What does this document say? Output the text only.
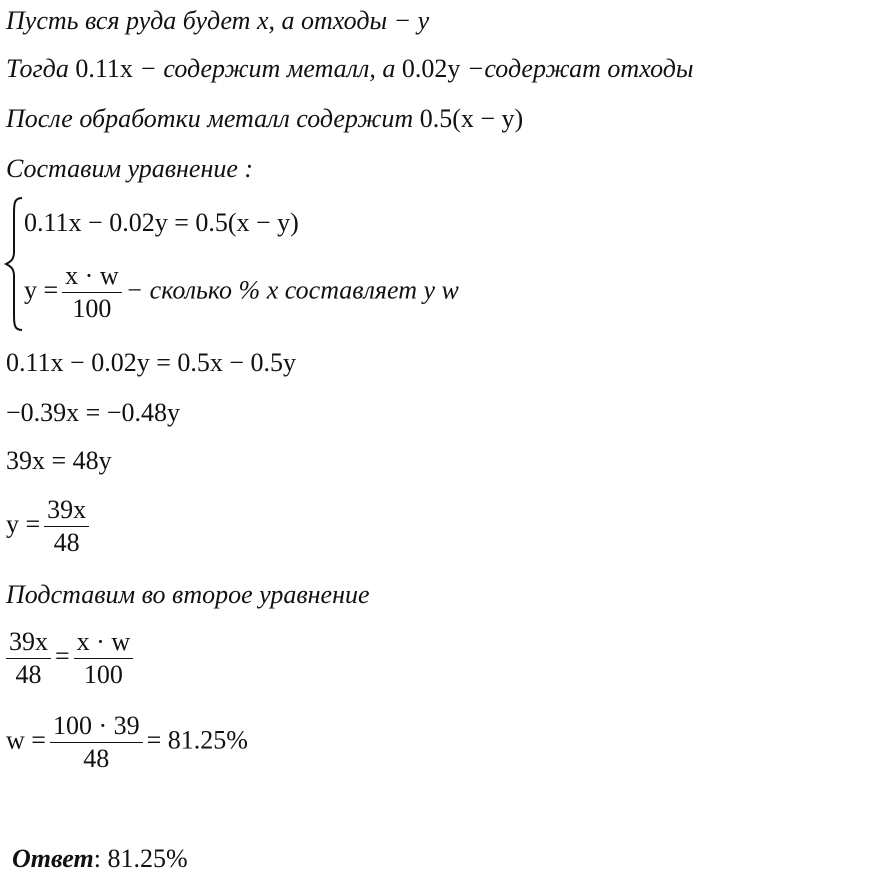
Пусть вся руда будет x, а отходы − y
Тогда 0.11x − содержит металл, а 0.02y −содержат отходы
После обработки металл содержит 0.5(x − y)
Составим уравнение :
0.11x − 0.02y = 0.5(x − y)
$y = \frac{x \cdot w}{100}$ − сколько % x составляет y w
0.11x − 0.02y = 0.5x − 0.5y
−0.39x = −0.48y
39x = 48y
$y = \frac{39x}{48}$
Подставим во второе уравнение
$\frac{39x}{48} = \frac{x \cdot w}{100}$
$w = \frac{100 \cdot 39}{48} = 81.25\%$
Ответ: 81.25%
